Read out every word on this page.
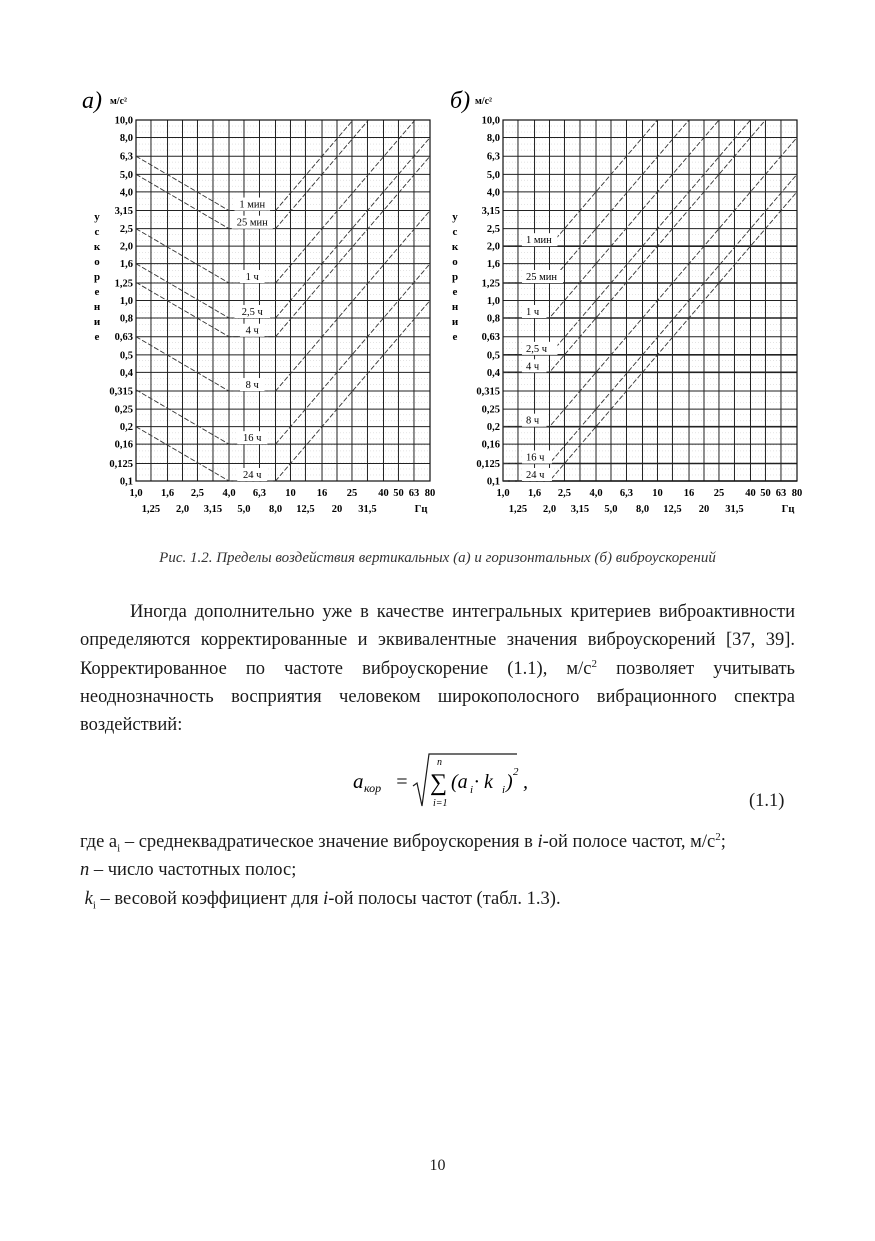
а) м/с²
10,0
8,0
6,3
5,0
4,0
3,15
2,5
2,0
1,6
1,25
1,0
0,8
0,63
0,5
0,4
0,315
0,25
0,2
0,16
0,125
0,1
у
с
к
о
р
е
н
и
е
1,0 1,6 2,5 4,0 6,3 10 16 25 40 50 63 80
1,25 2,0 3,15 5,0 8,0 12,5 20 31,5	Гц
1 мин
25 мин
1 ч
2,5 ч
4 ч
8 ч
16 ч
24 ч
б) м/с²
10,0
8,0
6,3
5,0
4,0
3,15
2,5
2,0
1,6
1,25
1,0
0,8
0,63
0,5
0,4
0,315
0,25
0,2
0,16
0,125
0,1
у
с
к
о
р
е
н
и
е
1,0 1,6 2,5 4,0 6,3 10 16 25 40 50 63 80
1,25 2,0 3,15 5,0 8,0 12,5 20 31,5	Гц
1 мин
25 мин
1 ч
2,5 ч
4 ч
8 ч
16 ч
24 ч
Рис. 1.2. Пределы воздействия вертикальных (а) и горизонтальных (б) виброускорений

Иногда дополнительно уже в качестве интегральных критериев виброактивности определяются корректированные и эквивалентные значения виброускорений [37, 39]. Корректированное по частоте виброускорение (1.1), $м/с^2$ позволяет учитывать неоднозначность восприятия человеком широкополосного вибрационного спектра воздействий:

a кор =
n
∑
i=1
(a i · k i ) 2 ,
(1.1)

где $a_i$ – среднеквадратическое значение виброускорения в i-ой полосе частот, $м/с^2$;

n – число частотных полос;

$k_i$ – весовой коэффициент для i-ой полосы частот (табл. 1.3).

10
